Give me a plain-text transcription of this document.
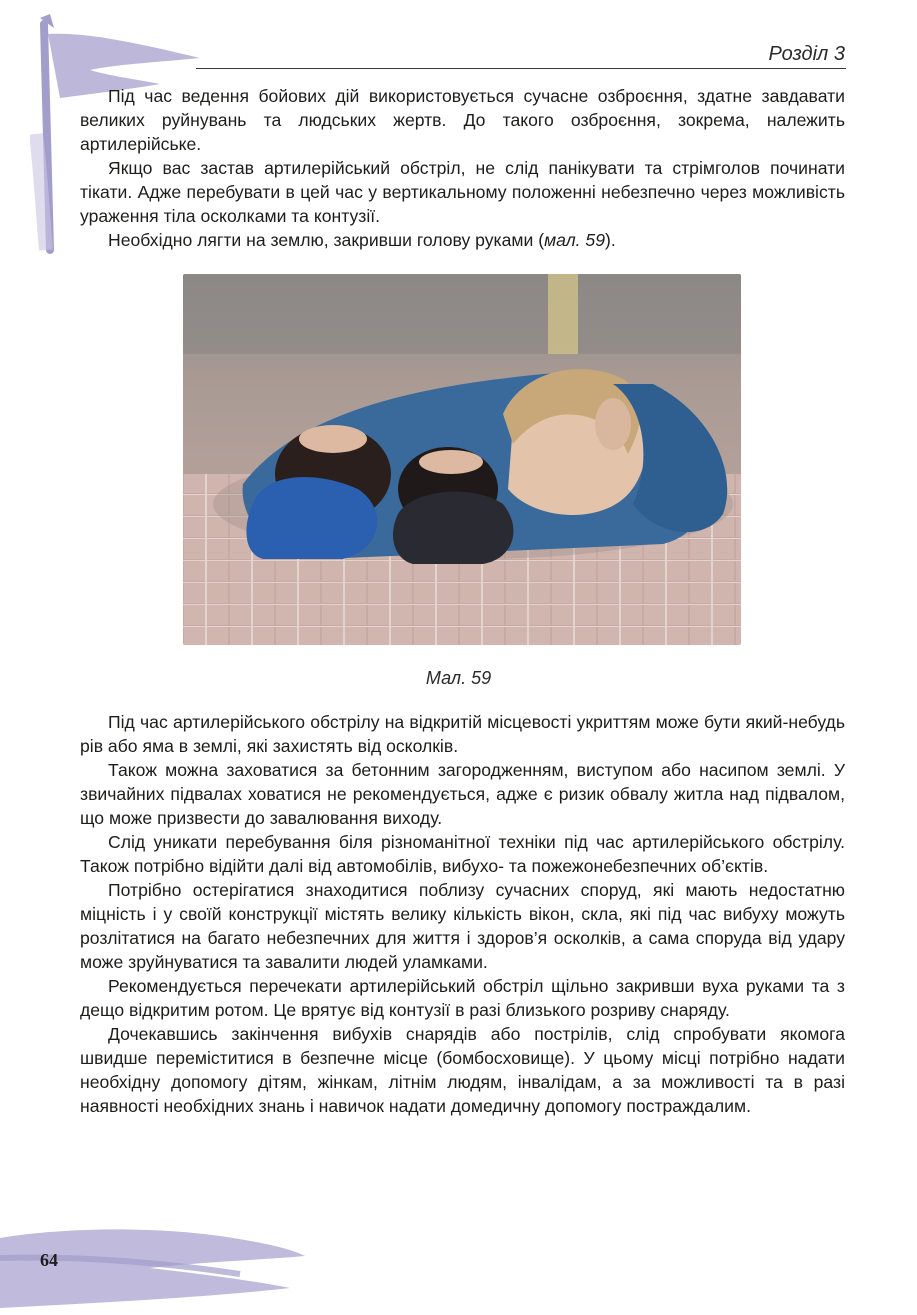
Розділ 3

Під час ведення бойових дій використовується сучасне озброєння, здатне завдавати великих руйнувань та людських жертв. До такого озброєння, зокрема, належить артилерійське.

Якщо вас застав артилерійський обстріл, не слід панікувати та стрімголов починати тікати. Адже перебувати в цей час у вертикальному положенні небезпечно через можливість ураження тіла осколками та контузії.

Необхідно лягти на землю, закривши голову руками (мал. 59).

Мал. 59

Під час артилерійського обстрілу на відкритій місцевості укриттям може бути який-небудь рів або яма в землі, які захистять від осколків.

Також можна заховатися за бетонним загородженням, виступом або насипом землі. У звичайних підвалах ховатися не рекомендується, адже є ризик обвалу житла над підвалом, що може призвести до завалювання виходу.

Слід уникати перебування біля різноманітної техніки під час артилерійського обстрілу. Також потрібно відійти далі від автомобілів, вибухо- та пожежонебезпечних об’єктів.

Потрібно остерігатися знаходитися поблизу сучасних споруд, які мають недостатню міцність і у своїй конструкції містять велику кількість вікон, скла, які під час вибуху можуть розлітатися на багато небезпечних для життя і здоров’я осколків, а сама споруда від удару може зруйнуватися та завалити людей уламками.

Рекомендується перечекати артилерійський обстріл щільно закривши вуха руками та з дещо відкритим ротом. Це врятує від контузії в разі близького розриву снаряду.

Дочекавшись закінчення вибухів снарядів або пострілів, слід спробувати якомога швидше переміститися в безпечне місце (бомбосховище). У цьому місці потрібно надати необхідну допомогу дітям, жінкам, літнім людям, інвалідам, а за можливості та в разі наявності необхідних знань і навичок надати домедичну допомогу постраждалим.

64
